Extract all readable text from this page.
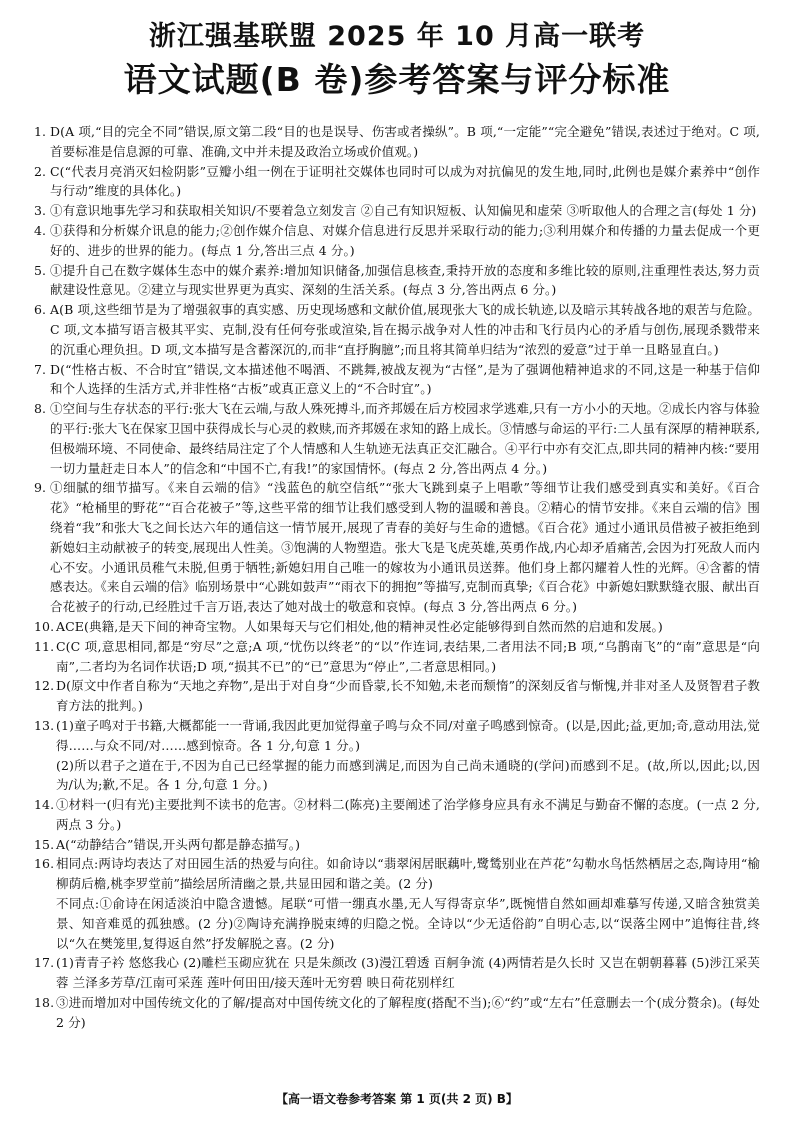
浙江强基联盟 2025 年 10 月高一联考
语文试题(B 卷)参考答案与评分标准

1. D(A 项,“目的完全不同”错误,原文第二段“目的也是误导、伤害或者操纵”。B 项,“一定能”“完全避免”错误,表述过于绝对。C 项,首要标准是信息源的可靠、准确,文中并未提及政治立场或价值观。)

2. C(“代表月亮消灭妇检阴影”豆瓣小组一例在于证明社交媒体也同时可以成为对抗偏见的发生地,同时,此例也是媒介素养中“创作与行动”维度的具体化。)

3. ①有意识地事先学习和获取相关知识/不要着急立刻发言 ②自己有知识短板、认知偏见和虚荣 ③听取他人的合理之言(每处 1 分)

4. ①获得和分析媒介讯息的能力;②创作媒介信息、对媒介信息进行反思并采取行动的能力;③利用媒介和传播的力量去促成一个更好的、进步的世界的能力。(每点 1 分,答出三点 4 分。)

5. ①提升自己在数字媒体生态中的媒介素养:增加知识储备,加强信息核查,秉持开放的态度和多维比较的原则,注重理性表达,努力贡献建设性意见。②建立与现实世界更为真实、深刻的生活关系。(每点 3 分,答出两点 6 分。)

6. A(B 项,这些细节是为了增强叙事的真实感、历史现场感和文献价值,展现张大飞的成长轨迹,以及暗示其转战各地的艰苦与危险。C 项,文本描写语言极其平实、克制,没有任何夸张或渲染,旨在揭示战争对人性的冲击和飞行员内心的矛盾与创伤,展现杀戮带来的沉重心理负担。D 项,文本描写是含蓄深沉的,而非“直抒胸臆”;而且将其简单归结为“浓烈的爱意”过于单一且略显直白。)

7. D(“性格古板、不合时宜”错误,文本描述他不喝酒、不跳舞,被战友视为“古怪”,是为了强调他精神追求的不同,这是一种基于信仰和个人选择的生活方式,并非性格“古板”或真正意义上的“不合时宜”。)

8. ①空间与生存状态的平行:张大飞在云端,与敌人殊死搏斗,而齐邦媛在后方校园求学逃难,只有一方小小的天地。②成长内容与体验的平行:张大飞在保家卫国中获得成长与心灵的救赎,而齐邦媛在求知的路上成长。③情感与命运的平行:二人虽有深厚的精神联系,但极端环境、不同使命、最终结局注定了个人情感和人生轨迹无法真正交汇融合。④平行中亦有交汇点,即共同的精神内核:“要用一切力量赶走日本人”的信念和“中国不亡,有我!”的家国情怀。(每点 2 分,答出两点 4 分。)

9. ①细腻的细节描写。《来自云端的信》“浅蓝色的航空信纸”“张大飞跳到桌子上唱歌”等细节让我们感受到真实和美好。《百合花》“枪桶里的野花”“百合花被子”等,这些平常的细节让我们感受到人物的温暖和善良。②精心的情节安排。《来自云端的信》围绕着“我”和张大飞之间长达六年的通信这一情节展开,展现了青春的美好与生命的遗憾。《百合花》通过小通讯员借被子被拒绝到新媳妇主动献被子的转变,展现出人性美。③饱满的人物塑造。张大飞是飞虎英雄,英勇作战,内心却矛盾痛苦,会因为打死敌人而内心不安。小通讯员稚气未脱,但勇于牺牲;新媳妇用自己唯一的嫁妆为小通讯员送葬。他们身上都闪耀着人性的光辉。④含蓄的情感表达。《来自云端的信》临别场景中“心跳如鼓声”“雨衣下的拥抱”等描写,克制而真挚;《百合花》中新媳妇默默缝衣服、献出百合花被子的行动,已经胜过千言万语,表达了她对战士的敬意和哀悼。(每点 3 分,答出两点 6 分。)

10. ACE(典籍,是天下间的神奇宝物。人如果每天与它们相处,他的精神灵性必定能够得到自然而然的启迪和发展。)

11. C(C 项,意思相同,都是“穷尽”之意;A 项,“忧伤以终老”的“以”作连词,表结果,二者用法不同;B 项,“乌鹊南飞”的“南”意思是“向南”,二者均为名词作状语;D 项,“损其不已”的“已”意思为“停止”,二者意思相同。)

12. D(原文中作者自称为“天地之弃物”,是出于对自身“少而昏蒙,长不知勉,未老而颓惰”的深刻反省与惭愧,并非对圣人及贤智君子教育方法的批判。)

13. (1)童子鸣对于书籍,大概都能一一背诵,我因此更加觉得童子鸣与众不同/对童子鸣感到惊奇。(以是,因此;益,更加;奇,意动用法,觉得……与众不同/对……感到惊奇。各 1 分,句意 1 分。)
(2)所以君子之道在于,不因为自己已经掌握的能力而感到满足,而因为自己尚未通晓的(学问)而感到不足。(故,所以,因此;以,因为/认为;歉,不足。各 1 分,句意 1 分。)

14. ①材料一(归有光)主要批判不读书的危害。②材料二(陈亮)主要阐述了治学修身应具有永不满足与勤奋不懈的态度。(一点 2 分,两点 3 分。)

15. A(“动静结合”错误,开头两句都是静态描写。)

16. 相同点:两诗均表达了对田园生活的热爱与向往。如俞诗以“翡翠闲居眠藕叶,鹭鸶别业在芦花”勾勒水鸟恬然栖居之态,陶诗用“榆柳荫后檐,桃李罗堂前”描绘居所清幽之景,共显田园和谐之美。(2 分)
不同点:①俞诗在闲适淡泊中隐含遗憾。尾联“可惜一绷真水墨,无人写得寄京华”,既惋惜自然如画却难摹写传递,又暗含独赏美景、知音难觅的孤独感。(2 分)②陶诗充满挣脱束缚的归隐之悦。全诗以“少无适俗韵”自明心志,以“误落尘网中”追悔往昔,终以“久在樊笼里,复得返自然”抒发解脱之喜。(2 分)

17. (1)青青子衿 悠悠我心 (2)雕栏玉砌应犹在 只是朱颜改 (3)漫江碧透 百舸争流 (4)两情若是久长时 又岂在朝朝暮暮 (5)涉江采芙蓉 兰泽多芳草/江南可采莲 莲叶何田田/接天莲叶无穷碧 映日荷花别样红

18. ③进而增加对中国传统文化的了解/提高对中国传统文化的了解程度(搭配不当);⑥“约”或“左右”任意删去一个(成分赘余)。(每处 2 分)

【高一语文卷参考答案 第 1 页(共 2 页) B】
